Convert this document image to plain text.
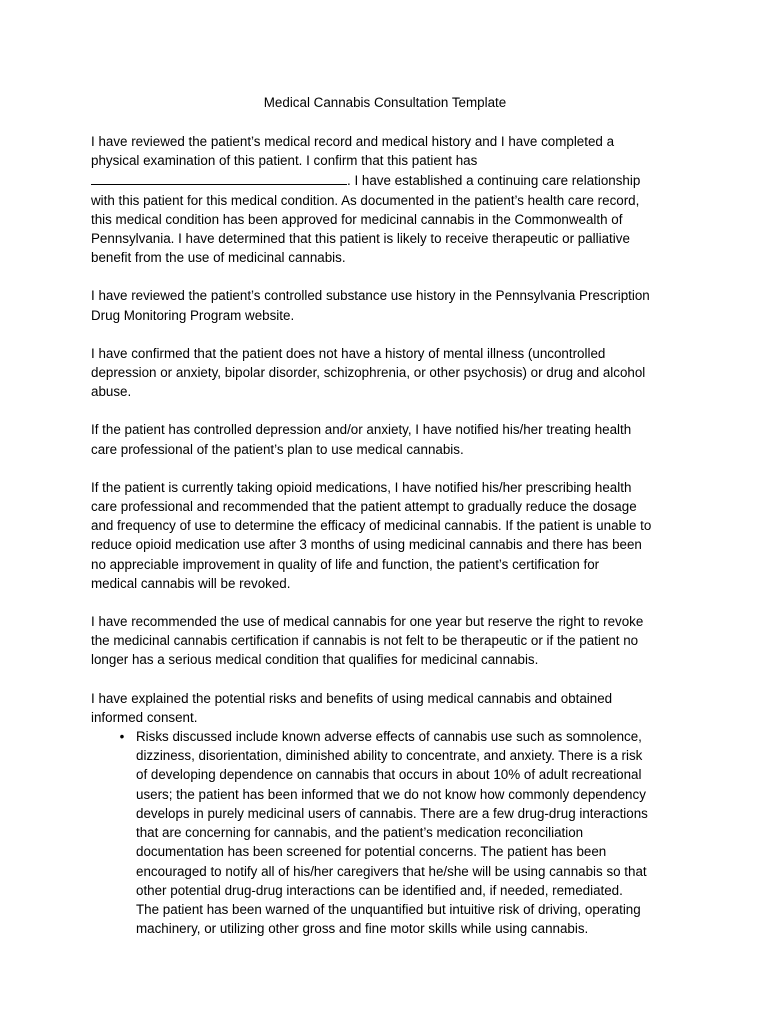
Medical Cannabis Consultation Template
I have reviewed the patient’s medical record and medical history and I have completed a
physical examination of this patient. I confirm that this patient has
. I have established a continuing care relationship
with this patient for this medical condition. As documented in the patient’s health care record,
this medical condition has been approved for medicinal cannabis in the Commonwealth of
Pennsylvania. I have determined that this patient is likely to receive therapeutic or palliative
benefit from the use of medicinal cannabis.
I have reviewed the patient’s controlled substance use history in the Pennsylvania Prescription
Drug Monitoring Program website.
I have confirmed that the patient does not have a history of mental illness (uncontrolled
depression or anxiety, bipolar disorder, schizophrenia, or other psychosis) or drug and alcohol
abuse.
If the patient has controlled depression and/or anxiety, I have notified his/her treating health
care professional of the patient’s plan to use medical cannabis.
If the patient is currently taking opioid medications, I have notified his/her prescribing health
care professional and recommended that the patient attempt to gradually reduce the dosage
and frequency of use to determine the efficacy of medicinal cannabis. If the patient is unable to
reduce opioid medication use after 3 months of using medicinal cannabis and there has been
no appreciable improvement in quality of life and function, the patient’s certification for
medical cannabis will be revoked.
I have recommended the use of medical cannabis for one year but reserve the right to revoke
the medicinal cannabis certification if cannabis is not felt to be therapeutic or if the patient no
longer has a serious medical condition that qualifies for medicinal cannabis.
I have explained the potential risks and benefits of using medical cannabis and obtained
informed consent.
• Risks discussed include known adverse effects of cannabis use such as somnolence,
dizziness, disorientation, diminished ability to concentrate, and anxiety. There is a risk
of developing dependence on cannabis that occurs in about 10% of adult recreational
users; the patient has been informed that we do not know how commonly dependency
develops in purely medicinal users of cannabis. There are a few drug-drug interactions
that are concerning for cannabis, and the patient’s medication reconciliation
documentation has been screened for potential concerns. The patient has been
encouraged to notify all of his/her caregivers that he/she will be using cannabis so that
other potential drug-drug interactions can be identified and, if needed, remediated.
The patient has been warned of the unquantified but intuitive risk of driving, operating
machinery, or utilizing other gross and fine motor skills while using cannabis.
